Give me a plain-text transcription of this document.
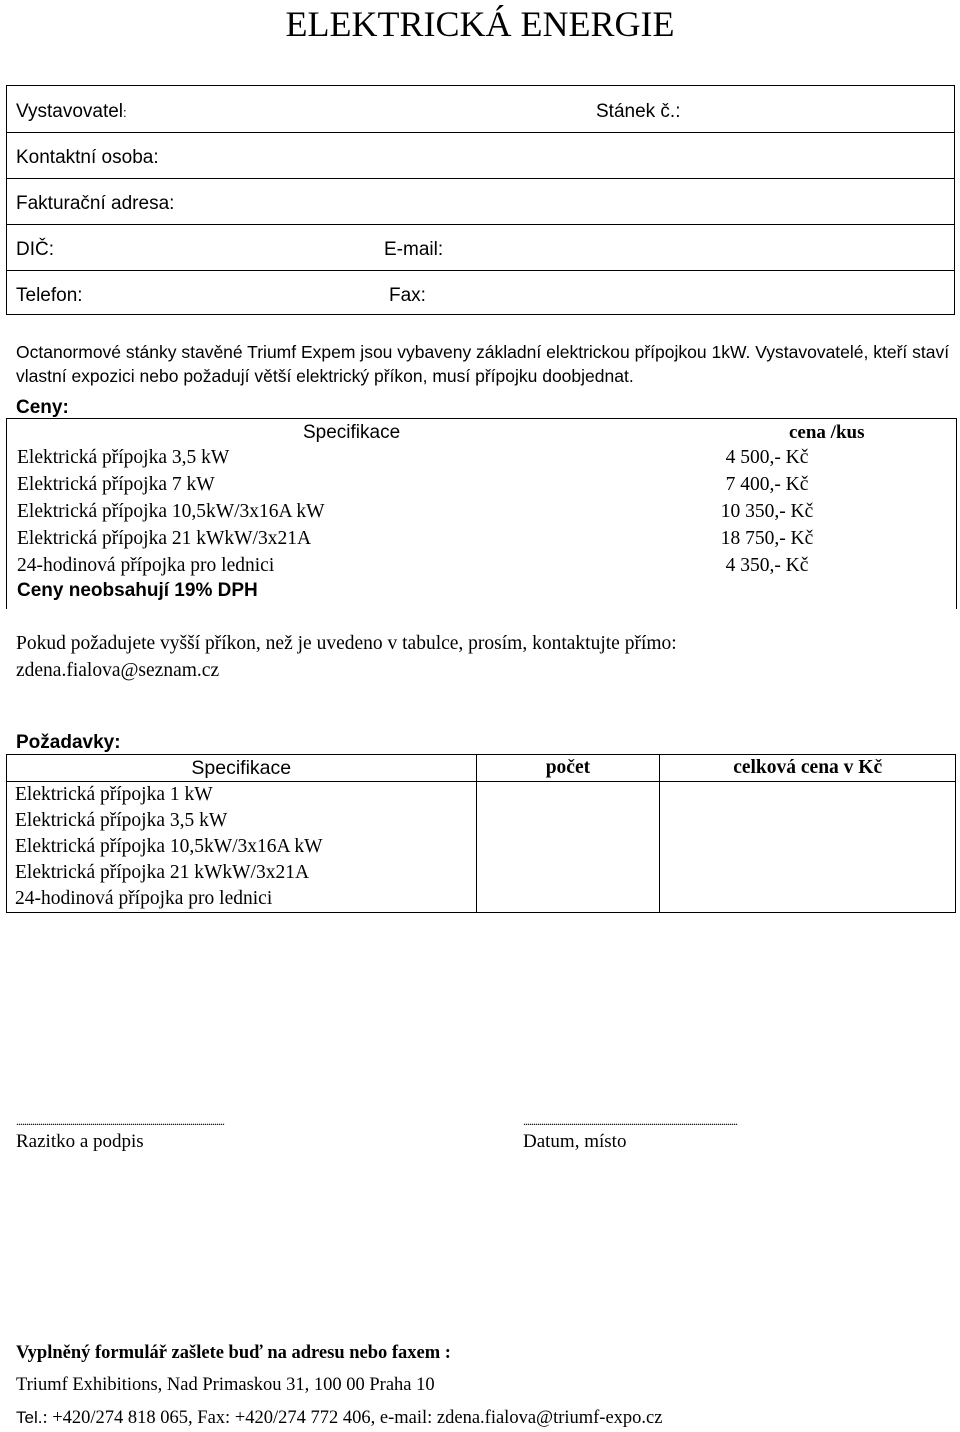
ELEKTRICKÁ ENERGIE
Vystavovatel:	Stánek č.:
Kontaktní osoba:
Fakturační adresa:
DIČ:	E-mail:
Telefon:	Fax:

Octanormové stánky stavěné Triumf Expem jsou vybaveny základní elektrickou přípojkou 1kW. Vystavovatelé, kteří staví vlastní expozici nebo požadují větší elektrický příkon, musí přípojku doobjednat.

Ceny:
Specifikace	cena /kus
Elektrická přípojka 3,5 kW	4 500,- Kč
Elektrická přípojka 7 kW	7 400,- Kč
Elektrická přípojka 10,5kW/3x16A kW	10 350,- Kč
Elektrická přípojka 21 kWkW/3x21A	18 750,- Kč
24-hodinová přípojka pro lednici	4 350,- Kč
Ceny neobsahují 19% DPH
Pokud požadujete vyšší příkon, než je uvedeno v tabulce, prosím, kontaktujte přímo:
zdena.fialova@seznam.cz
Požadavky:
Specifikace	počet	celková cena v Kč
Elektrická přípojka 1 kW		
Elektrická přípojka 3,5 kW		
Elektrická přípojka 10,5kW/3x16A kW		
Elektrická přípojka 21 kWkW/3x21A		
24-hodinová přípojka pro lednici		
........................................................................................................	...........................................................................................................
Razitko a podpis	Datum, místo
Vyplněný formulář zašlete buď na adresu nebo faxem :
Triumf Exhibitions, Nad Primaskou 31, 100 00 Praha 10
Tel.: +420/274 818 065, Fax: +420/274 772 406, e-mail: zdena.fialova@triumf-expo.cz
